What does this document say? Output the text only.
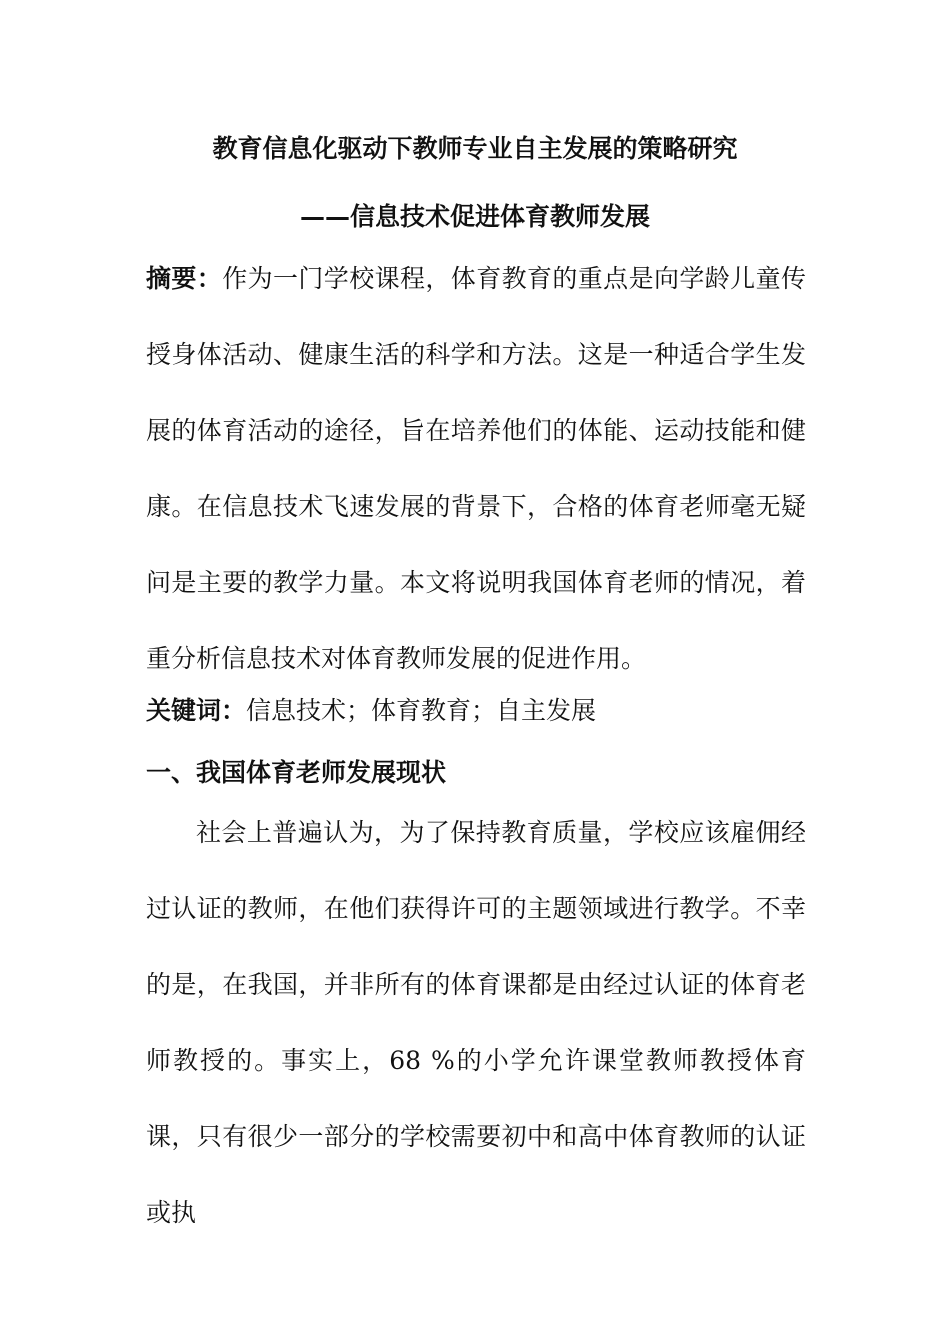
教育信息化驱动下教师专业自主发展的策略研究
——信息技术促进体育教师发展

摘要：作为一门学校课程，体育教育的重点是向学龄儿童传授身体活动、健康生活的科学和方法。这是一种适合学生发展的体育活动的途径，旨在培养他们的体能、运动技能和健康。在信息技术飞速发展的背景下，合格的体育老师毫无疑问是主要的教学力量。本文将说明我国体育老师的情况，着重分析信息技术对体育教师发展的促进作用。

关键词：信息技术；体育教育；自主发展
一、我国体育老师发展现状

社会上普遍认为，为了保持教育质量，学校应该雇佣经过认证的教师，在他们获得许可的主题领域进行教学。不幸的是，在我国，并非所有的体育课都是由经过认证的体育老师教授的。事实上，68 %的小学允许课堂教师教授体育课，只有很少一部分的学校需要初中和高中体育教师的认证或执
